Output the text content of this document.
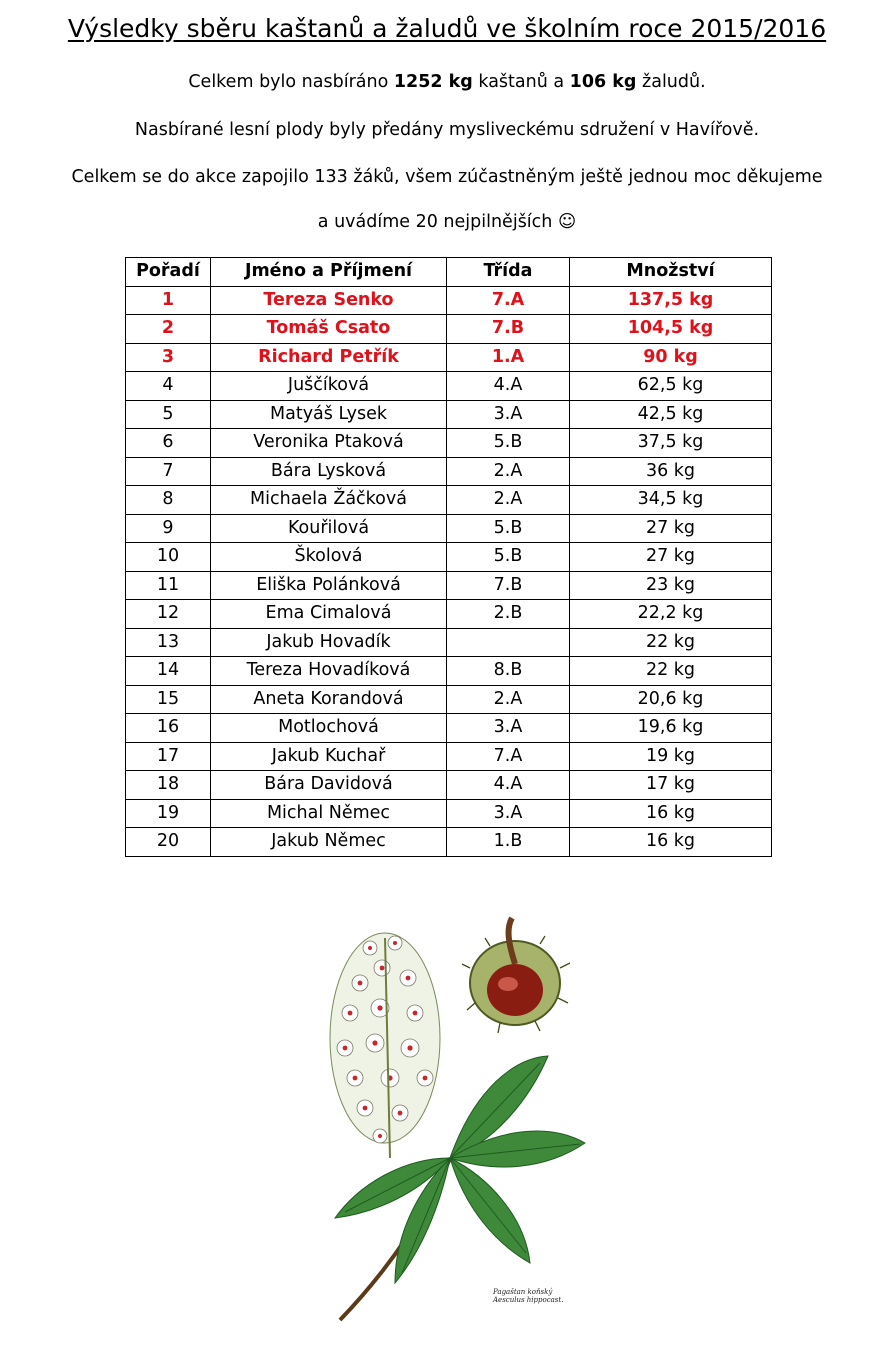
Výsledky sběru kaštanů a žaludů ve školním roce 2015/2016
Celkem bylo nasbíráno 1252 kg kaštanů a 106 kg žaludů.
Nasbírané lesní plody byly předány mysliveckému sdružení v Havířově.
Celkem se do akce zapojilo 133 žáků, všem zúčastněným ještě jednou moc děkujeme
a uvádíme 20 nejpilnějších ☺
Pořadí	Jméno a Příjmení	Třída	Množství
1	Tereza Senko	7.A	137,5 kg
2	Tomáš Csato	7.B	104,5 kg
3	Richard Petřík	1.A	90 kg
4	Juščíková	4.A	62,5 kg
5	Matyáš Lysek	3.A	42,5 kg
6	Veronika Ptaková	5.B	37,5 kg
7	Bára Lysková	2.A	36 kg
8	Michaela Žáčková	2.A	34,5 kg
9	Kouřilová	5.B	27 kg
10	Školová	5.B	27 kg
11	Eliška Polánková	7.B	23 kg
12	Ema Cimalová	2.B	22,2 kg
13	Jakub Hovadík		22 kg
14	Tereza Hovadíková	8.B	22 kg
15	Aneta Korandová	2.A	20,6 kg
16	Motlochová	3.A	19,6 kg
17	Jakub Kuchař	7.A	19 kg
18	Bára Davidová	4.A	17 kg
19	Michal Němec	3.A	16 kg
20	Jakub Němec	1.B	16 kg
Pagaštan koňský
Aesculus hippocast.
